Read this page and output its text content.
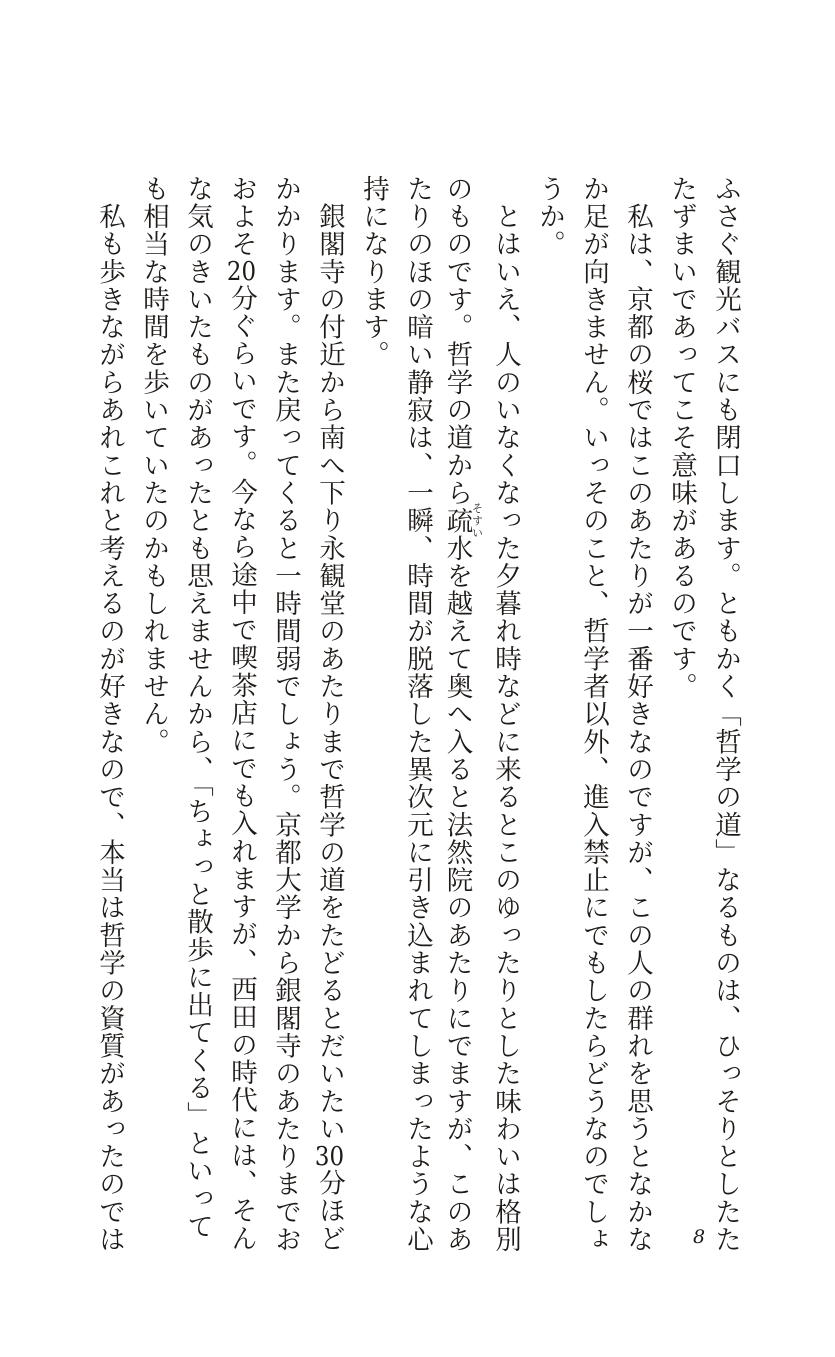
ふさぐ観光バスにも閉口します。ともかく「哲学の道」なるものは、ひっそりとしたた
たずまいであってこそ意味があるのです。
　私は、京都の桜ではこのあたりが一番好きなのですが、この人の群れを思うとなかな
か足が向きません。いっそのこと、哲学者以外、進入禁止にでもしたらどうなのでしょ
うか。
　とはいえ、人のいなくなった夕暮れ時などに来るとこのゆったりとした味わいは格別
のものです。哲学の道から疏そすい水を越えて奥へ入ると法然院のあたりにでますが、このあ
たりのほの暗い静寂は、一瞬、時間が脱落した異次元に引き込まれてしまったような心
持になります。
　銀閣寺の付近から南へ下り永観堂のあたりまで哲学の道をたどるとだいたい30分ほど
かかります。また戻ってくると一時間弱でしょう。京都大学から銀閣寺のあたりまでお
およそ20分ぐらいです。今なら途中で喫茶店にでも入れますが、西田の時代には、そん
な気のきいたものがあったとも思えませんから、「ちょっと散歩に出てくる」といって
も相当な時間を歩いていたのかもしれません。
　私も歩きながらあれこれと考えるのが好きなので、本当は哲学の資質があったのでは	8
